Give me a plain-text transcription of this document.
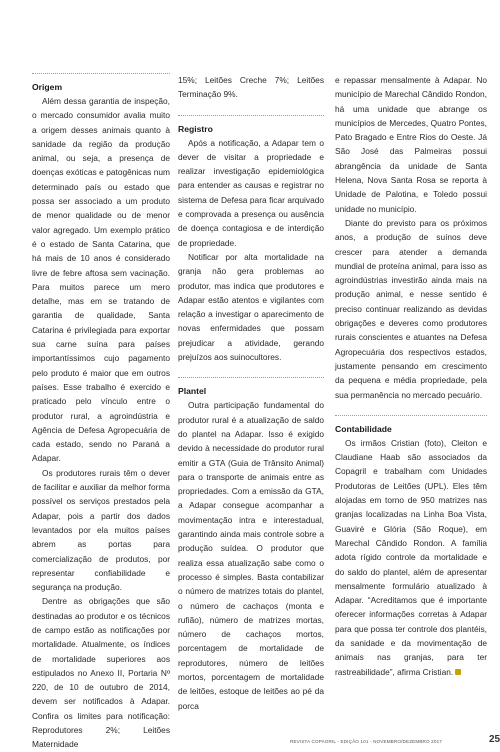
Origem

Além dessa garantia de inspeção, o mercado consumidor avalia muito a origem desses animais quanto à sanidade da região da produção animal, ou seja, a presença de doenças exóticas e patogênicas num determinado país ou estado que possa ser associado a um produto de menor qualidade ou de menor valor agregado. Um exemplo prático é o estado de Santa Catarina, que há mais de 10 anos é considerado livre de febre aftosa sem vacinação. Para muitos parece um mero detalhe, mas em se tratando de garantia de qualidade, Santa Catarina é privilegiada para exportar sua carne suína para países importantíssimos cujo pagamento pelo produto é maior que em outros países. Esse trabalho é exercido e praticado pelo vínculo entre o produtor rural, a agroindústria e Agência de Defesa Agropecuária de cada estado, sendo no Paraná a Adapar.

Os produtores rurais têm o dever de facilitar e auxiliar da melhor forma possível os serviços prestados pela Adapar, pois a partir dos dados levantados por ela muitos países abrem as portas para comercialização de produtos, por representar confiabilidade e segurança na produção.

Dentre as obrigações que são destinadas ao produtor e os técnicos de campo estão as notificações por mortalidade. Atualmente, os índices de mortalidade superiores aos estipulados no Anexo II, Portaria Nº 220, de 10 de outubro de 2014, devem ser notificados à Adapar. Confira os limites para notificação: Reprodutores 2%; Leitões Maternidade

15%; Leitões Creche 7%; Leitões Terminação 9%.

Registro

Após a notificação, a Adapar tem o dever de visitar a propriedade e realizar investigação epidemiológica para entender as causas e registrar no sistema de Defesa para ficar arquivado e comprovada a presença ou ausência de doença contagiosa e de interdição de propriedade.

Notificar por alta mortalidade na granja não gera problemas ao produtor, mas indica que produtores e Adapar estão atentos e vigilantes com relação a investigar o aparecimento de novas enfermidades que possam prejudicar a atividade, gerando prejuízos aos suinocultores.

Plantel

Outra participação fundamental do produtor rural é a atualização de saldo do plantel na Adapar. Isso é exigido devido à necessidade do produtor rural emitir a GTA (Guia de Trânsito Animal) para o transporte de animais entre as propriedades. Com a emissão da GTA, a Adapar consegue acompanhar a movimentação intra e interestadual, garantindo ainda mais controle sobre a produção suídea. O produtor que realiza essa atualização sabe como o processo é simples. Basta contabilizar o número de matrizes totais do plantel, o número de cachaços (monta e rufião), número de matrizes mortas, número de cachaços mortos, porcentagem de mortalidade de reprodutores, número de leitões mortos, porcentagem de mortalidade de leitões, estoque de leitões ao pé da porca

e repassar mensalmente à Adapar. No município de Marechal Cândido Rondon, há uma unidade que abrange os municípios de Mercedes, Quatro Pontes, Pato Bragado e Entre Rios do Oeste. Já São José das Palmeiras possui abrangência da unidade de Santa Helena, Nova Santa Rosa se reporta à Unidade de Palotina, e Toledo possui unidade no município.

Diante do previsto para os próximos anos, a produção de suínos deve crescer para atender a demanda mundial de proteína animal, para isso as agroindústrias investirão ainda mais na produção animal, e nesse sentido é preciso continuar realizando as devidas obrigações e deveres como produtores rurais conscientes e atuantes na Defesa Agropecuária dos respectivos estados, justamente pensando em crescimento da pequena e média propriedade, pela sua permanência no mercado pecuário.

Contabilidade

Os irmãos Cristian (foto), Cleiton e Claudiane Haab são associados da Copagril e trabalham com Unidades Produtoras de Leitões (UPL). Eles têm alojadas em torno de 950 matrizes nas granjas localizadas na Linha Boa Vista, Guaviré e Glória (São Roque), em Marechal Cândido Rondon. A família adota rígido controle da mortalidade e do saldo do plantel, além de apresentar mensalmente formulário atualizado à Adapar. “Acreditamos que é importante oferecer informações corretas à Adapar para que possa ter controle dos plantéis, da sanidade e da movimentação de animais nas granjas, para ter rastreabilidade”, afirma Cristian.

REVISTA COPAGRIL - EDIÇÃO 101 - NOVEMBRO/DEZEMBRO 2017	25
